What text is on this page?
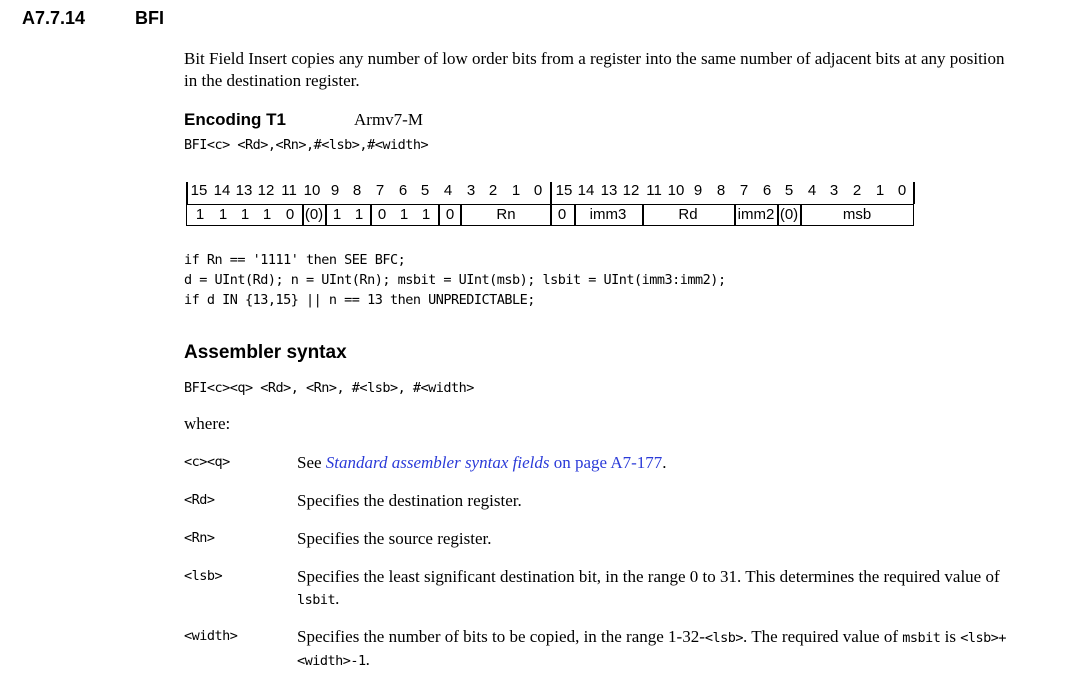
A7.7.14	BFI
Bit Field Insert copies any number of low order bits from a register into the same number of adjacent bits at any position in the destination register.
Encoding T1	Armv7-M
BFI<c> <Rd>,<Rn>,#<lsb>,#<width>
15 14 13 12 11 10 9 8 7 6 5 4 3 2 1 0 15 14 13 12 11 10 9 8 7 6 5 4 3 2 1 0
1 1 1 1 0 (0) 1 1 0 1 1	0	Rn	0	imm3	Rd	imm2 (0)	msb
if Rn == '1111' then SEE BFC;
d = UInt(Rd); n = UInt(Rn); msbit = UInt(msb); lsbit = UInt(imm3:imm2);
if d IN {13,15} || n == 13 then UNPREDICTABLE;
Assembler syntax
BFI<c><q> <Rd>, <Rn>, #<lsb>, #<width>
where:
<c><q>	See Standard assembler syntax fields on page A7-177.
<Rd>	Specifies the destination register.
<Rn>	Specifies the source register.
<lsb>	Specifies the least significant destination bit, in the range 0 to 31. This determines the required value of lsbit.
<width>	Specifies the number of bits to be copied, in the range 1-32-<lsb>. The required value of msbit is <lsb>+<width>-1.
